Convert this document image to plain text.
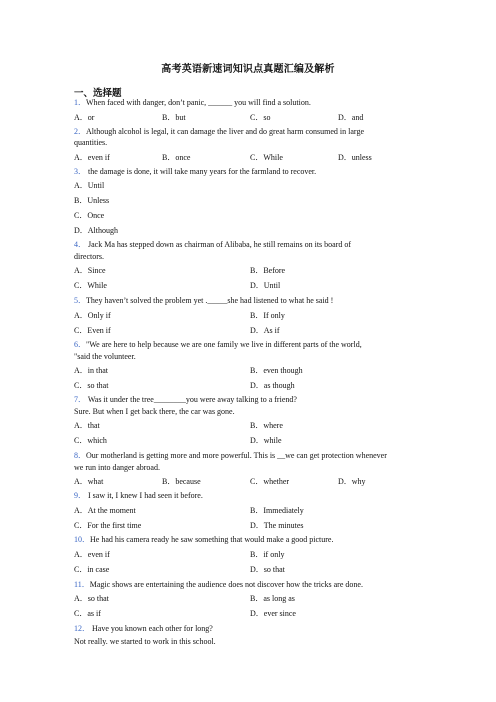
高考英语新速词知识点真题汇编及解析
一、选择题
1．When faced with danger, don’t panic, ______ you will find a solution.
A．or	B．but	C．so	D．and
2．Although alcohol is legal, it can damage the liver and do great harm consumed in large
quantities.
A．even if	B．once	C．While	D．unless
3． the damage is done, it will take many years for the farmland to recover.
A．Until
B．Unless
C．Once
D．Although
4． Jack Ma has stepped down as chairman of Alibaba, he still remains on its board of
directors.
A．Since	B．Before
C．While	D．Until
5．They haven’t solved the problem yet ._____she had listened to what he said !
A．Only if	B．If only
C．Even if	D．As if
6．"We are here to help because we are one family we live in different parts of the world,
"said the volunteer.
A．in that	B．even though
C．so that	D．as though
7． Was it under the tree________you were away talking to a friend?
Sure. But when I get back there, the car was gone.
A．that	B．where
C．which	D．while
8．Our motherland is getting more and more powerful. This is __we can get protection whenever
we run into danger abroad.
A．what	B．because	C．whether	D．why
9． I saw it, I knew I had seen it before.
A．At the moment	B．Immediately
C．For the first time	D．The minutes
10．He had his camera ready he saw something that would make a good picture.
A．even if	B．if only
C．in case	D．so that
11．Magic shows are entertaining the audience does not discover how the tricks are done.
A．so that	B．as long as
C．as if	D．ever since
12． Have you known each other for long?
Not really. we started to work in this school.
